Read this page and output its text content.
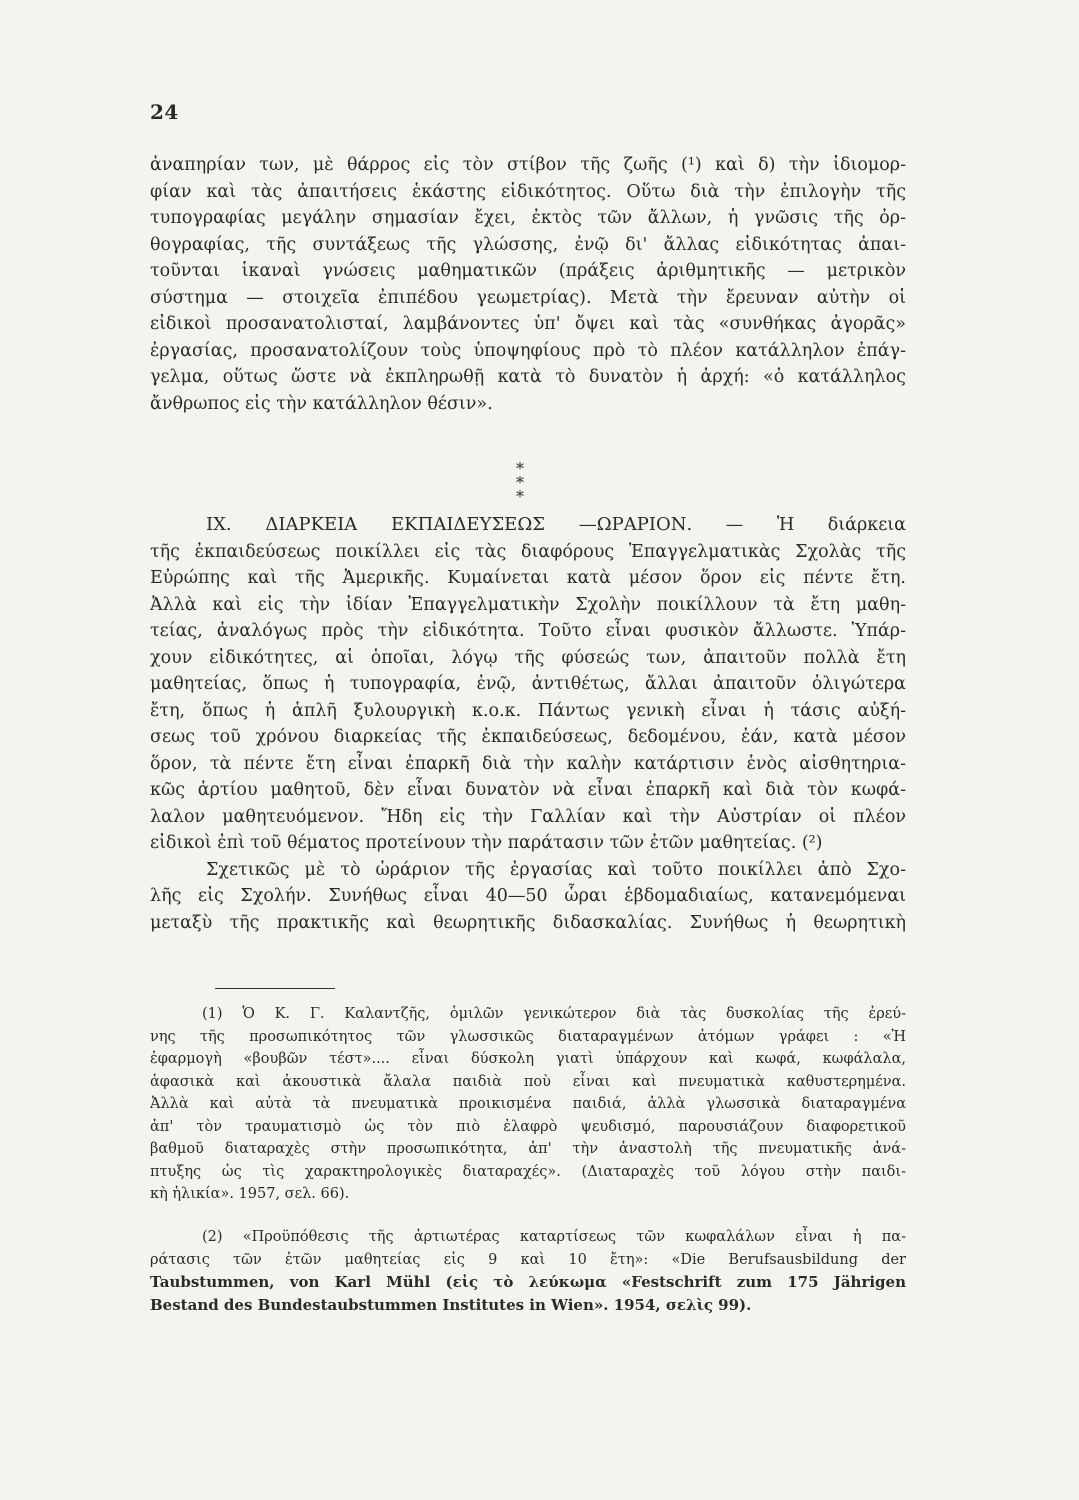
24
ἀναπηρίαν των, μὲ θάρρος εἰς τὸν στίβον τῆς ζωῆς (¹) καὶ δ) τὴν ἰδιομορ-
φίαν καὶ τὰς ἀπαιτήσεις ἑκάστης εἰδικότητος. Οὕτω διὰ τὴν ἐπιλογὴν τῆς
τυπογραφίας μεγάλην σημασίαν ἔχει, ἐκτὸς τῶν ἄλλων, ἡ γνῶσις τῆς ὀρ-
θογραφίας, τῆς συντάξεως τῆς γλώσσης, ἐνῷ δι' ἄλλας εἰδικότητας ἀπαι-
τοῦνται ἱκαναὶ γνώσεις μαθηματικῶν (πράξεις ἀριθμητικῆς — μετρικὸν
σύστημα — στοιχεῖα ἐπιπέδου γεωμετρίας). Μετὰ τὴν ἔρευναν αὐτὴν οἱ
εἰδικοὶ προσανατολισταί, λαμβάνοντες ὑπ' ὄψει καὶ τὰς «συνθήκας ἀγορᾶς»
ἐργασίας, προσανατολίζουν τοὺς ὑποψηφίους πρὸ τὸ πλέον κατάλληλον ἐπάγ-
γελμα, οὕτως ὥστε νὰ ἐκπληρωθῇ κατὰ τὸ δυνατὸν ἡ ἀρχή: «ὁ κατάλληλος
ἄνθρωπος εἰς τὴν κατάλληλον θέσιν».
*
* *
IX. ΔΙΑΡΚΕΙΑ ΕΚΠΑΙΔΕΥΣΕΩΣ —ΩΡΑΡΙΟΝ. — Ἡ διάρκεια
τῆς ἐκπαιδεύσεως ποικίλλει εἰς τὰς διαφόρους Ἐπαγγελματικὰς Σχολὰς τῆς
Εὐρώπης καὶ τῆς Ἀμερικῆς. Κυμαίνεται κατὰ μέσον ὅρον εἰς πέντε ἔτη.
Ἀλλὰ καὶ εἰς τὴν ἰδίαν Ἐπαγγελματικὴν Σχολὴν ποικίλλουν τὰ ἔτη μαθη-
τείας, ἀναλόγως πρὸς τὴν εἰδικότητα. Τοῦτο εἶναι φυσικὸν ἄλλωστε. Ὑπάρ-
χουν εἰδικότητες, αἱ ὁποῖαι, λόγῳ τῆς φύσεώς των, ἀπαιτοῦν πολλὰ ἔτη
μαθητείας, ὅπως ἡ τυπογραφία, ἐνῷ, ἀντιθέτως, ἄλλαι ἀπαιτοῦν ὀλιγώτερα
ἔτη, ὅπως ἡ ἁπλῆ ξυλουργικὴ κ.ο.κ. Πάντως γενικὴ εἶναι ἡ τάσις αὐξή-
σεως τοῦ χρόνου διαρκείας τῆς ἐκπαιδεύσεως, δεδομένου, ἐάν, κατὰ μέσον
ὅρον, τὰ πέντε ἔτη εἶναι ἐπαρκῆ διὰ τὴν καλὴν κατάρτισιν ἑνὸς αἰσθητηρια-
κῶς ἀρτίου μαθητοῦ, δὲν εἶναι δυνατὸν νὰ εἶναι ἐπαρκῆ καὶ διὰ τὸν κωφά-
λαλον μαθητευόμενον. Ἤδη εἰς τὴν Γαλλίαν καὶ τὴν Αὐστρίαν οἱ πλέον
εἰδικοὶ ἐπὶ τοῦ θέματος προτείνουν τὴν παράτασιν τῶν ἐτῶν μαθητείας. (²)
Σχετικῶς μὲ τὸ ὡράριον τῆς ἐργασίας καὶ τοῦτο ποικίλλει ἀπὸ Σχο-
λῆς εἰς Σχολήν. Συνήθως εἶναι 40—50 ὧραι ἑβδομαδιαίως, κατανεμόμεναι
μεταξὺ τῆς πρακτικῆς καὶ θεωρητικῆς διδασκαλίας. Συνήθως ἡ θεωρητικὴ
(1) Ὁ Κ. Γ. Καλαντζῆς, ὁμιλῶν γενικώτερον διὰ τὰς δυσκολίας τῆς ἐρεύ-
νης τῆς προσωπικότητος τῶν γλωσσικῶς διαταραγμένων ἀτόμων γράφει : «Ἡ
ἐφαρμογὴ «βουβῶν τέστ».... εἶναι δύσκολη γιατὶ ὑπάρχουν καὶ κωφά, κωφάλαλα,
ἀφασικὰ καὶ ἀκουστικὰ ἄλαλα παιδιὰ ποὺ εἶναι καὶ πνευματικὰ καθυστερημένα.
Ἀλλὰ καὶ αὐτὰ τὰ πνευματικὰ προικισμένα παιδιά, ἀλλὰ γλωσσικὰ διαταραγμένα
ἀπ' τὸν τραυματισμὸ ὡς τὸν πιὸ ἐλαφρὸ ψευδισμό, παρουσιάζουν διαφορετικοῦ
βαθμοῦ διαταραχὲς στὴν προσωπικότητα, ἀπ' τὴν ἀναστολὴ τῆς πνευματικῆς ἀνά-
πτυξης ὡς τὶς χαρακτηρολογικὲς διαταραχές». (Διαταραχὲς τοῦ λόγου στὴν παιδι-
κὴ ἡλικία». 1957, σελ. 66).
(2) «Προϋπόθεσις τῆς ἀρτιωτέρας καταρτίσεως τῶν κωφαλάλων εἶναι ἡ πα-
ράτασις τῶν ἐτῶν μαθητείας εἰς 9 καὶ 10 ἔτη»: «Die Berufsausbildung der
Taubstummen, von Karl Mühl (εἰς τὸ λεύκωμα «Festschrift zum 175 Jährigen
Bestand des Bundestaubstummen Institutes in Wien». 1954, σελὶς 99).
